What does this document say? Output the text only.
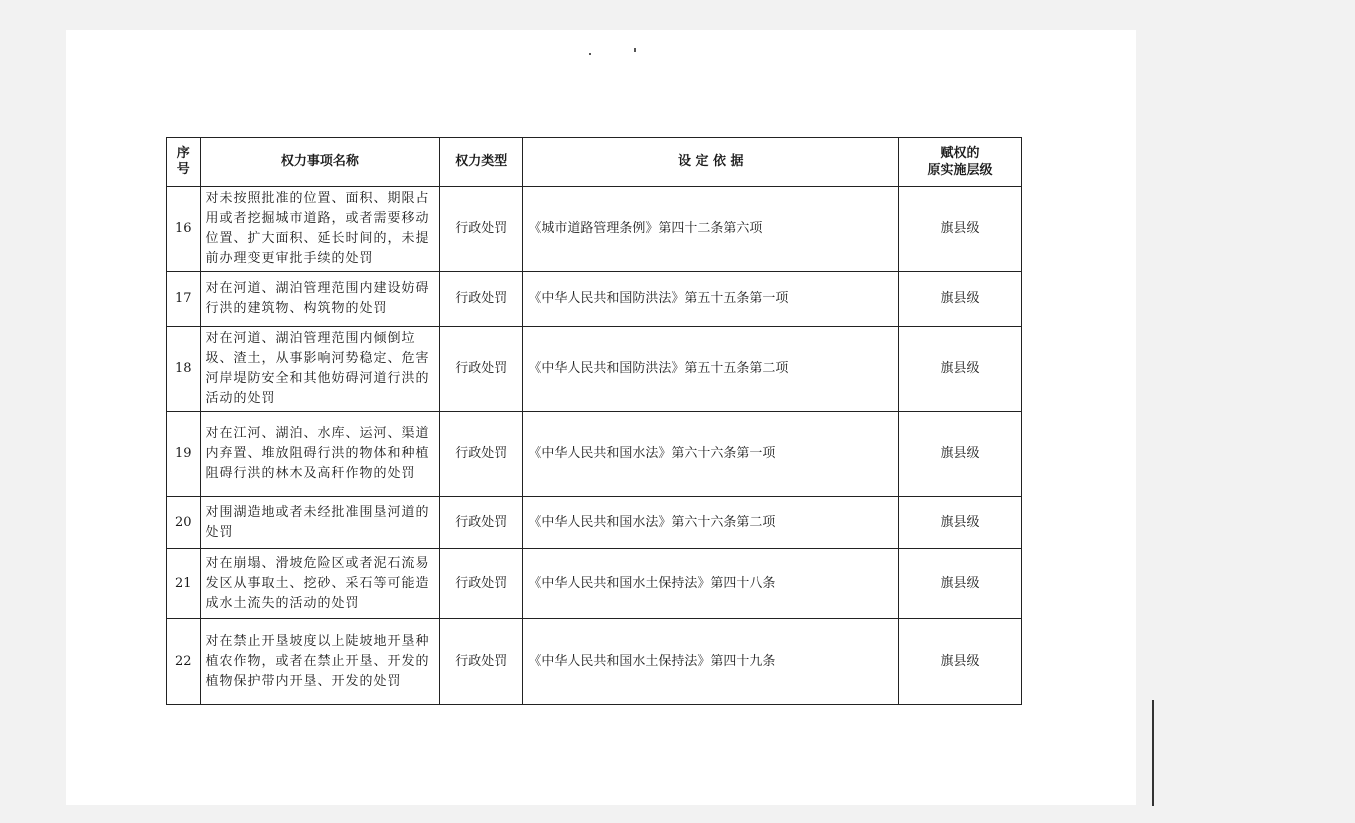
序号	权力事项名称	权力类型	设 定 依 据	赋权的
原实施层级

16	对未按照批准的位置、面积、期限占用或者挖掘城市道路，或者需要移动位置、扩大面积、延长时间的，未提前办理变更审批手续的处罚	行政处罚	《城市道路管理条例》第四十二条第六项	旗县级
17	对在河道、湖泊管理范围内建设妨碍行洪的建筑物、构筑物的处罚	行政处罚	《中华人民共和国防洪法》第五十五条第一项	旗县级
18	对在河道、湖泊管理范围内倾倒垃圾、渣土，从事影响河势稳定、危害河岸堤防安全和其他妨碍河道行洪的活动的处罚	行政处罚	《中华人民共和国防洪法》第五十五条第二项	旗县级
19	对在江河、湖泊、水库、运河、渠道内弃置、堆放阻碍行洪的物体和种植阻碍行洪的林木及高秆作物的处罚	行政处罚	《中华人民共和国水法》第六十六条第一项	旗县级
20	对围湖造地或者未经批准围垦河道的处罚	行政处罚	《中华人民共和国水法》第六十六条第二项	旗县级
21	对在崩塌、滑坡危险区或者泥石流易发区从事取土、挖砂、采石等可能造成水土流失的活动的处罚	行政处罚	《中华人民共和国水土保持法》第四十八条	旗县级
22	对在禁止开垦坡度以上陡坡地开垦种植农作物，或者在禁止开垦、开发的植物保护带内开垦、开发的处罚	行政处罚	《中华人民共和国水土保持法》第四十九条	旗县级
